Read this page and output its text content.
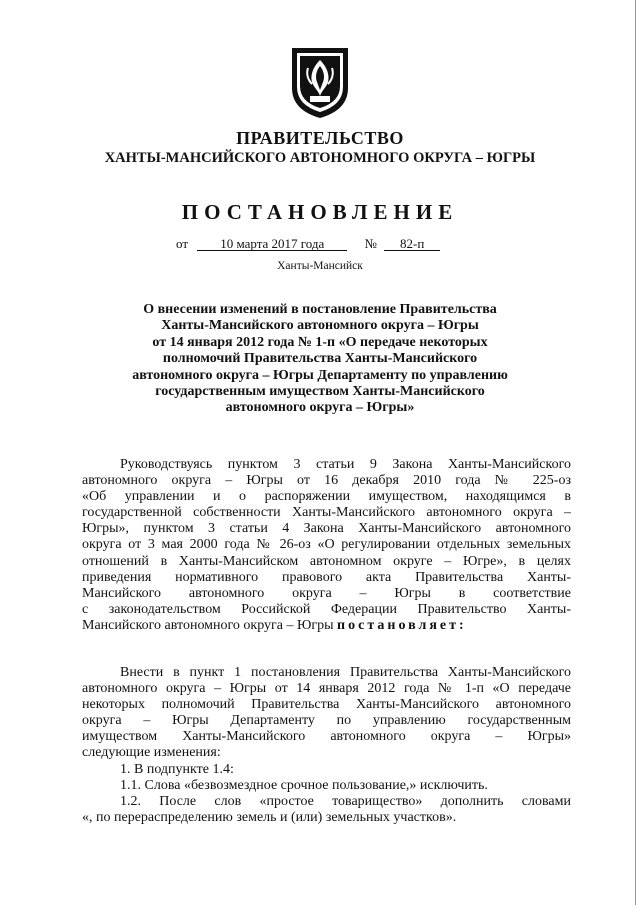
ПРАВИТЕЛЬСТВО
ХАНТЫ-МАНСИЙСКОГО АВТОНОМНОГО ОКРУГА – ЮГРЫ
ПОСТАНОВЛЕНИЕ
от 10 марта 2017 года	№ 82-п
Ханты-Мансийск
О внесении изменений в постановление Правительства
Ханты-Мансийского автономного округа – Югры
от 14 января 2012 года № 1-п «О передаче некоторых
полномочий Правительства Ханты-Мансийского
автономного округа – Югры Департаменту по управлению
государственным имуществом Ханты-Мансийского
автономного округа – Югры»
Руководствуясь пунктом 3 статьи 9 Закона Ханты-Мансийского
автономного округа – Югры от 16 декабря 2010 года № 225-оз
«Об управлении и о распоряжении имуществом, находящимся в
государственной собственности Ханты-Мансийского автономного округа –
Югры», пунктом 3 статьи 4 Закона Ханты-Мансийского автономного
округа от 3 мая 2000 года № 26-оз «О регулировании отдельных земельных
отношений в Ханты-Мансийском автономном округе – Югре», в целях
приведения нормативного правового акта Правительства Ханты-
Мансийского автономного округа – Югры в соответствие
с законодательством Российской Федерации Правительство Ханты-
Мансийского автономного округа – Югры постановляет:
Внести в пункт 1 постановления Правительства Ханты-Мансийского
автономного округа – Югры от 14 января 2012 года № 1-п «О передаче
некоторых полномочий Правительства Ханты-Мансийского автономного
округа – Югры Департаменту по управлению государственным
имуществом Ханты-Мансийского автономного округа – Югры»
следующие изменения:
1. В подпункте 1.4:
1.1. Слова «безвозмездное срочное пользование,» исключить.
1.2. После слов «простое товарищество» дополнить словами
«, по перераспределению земель и (или) земельных участков».
